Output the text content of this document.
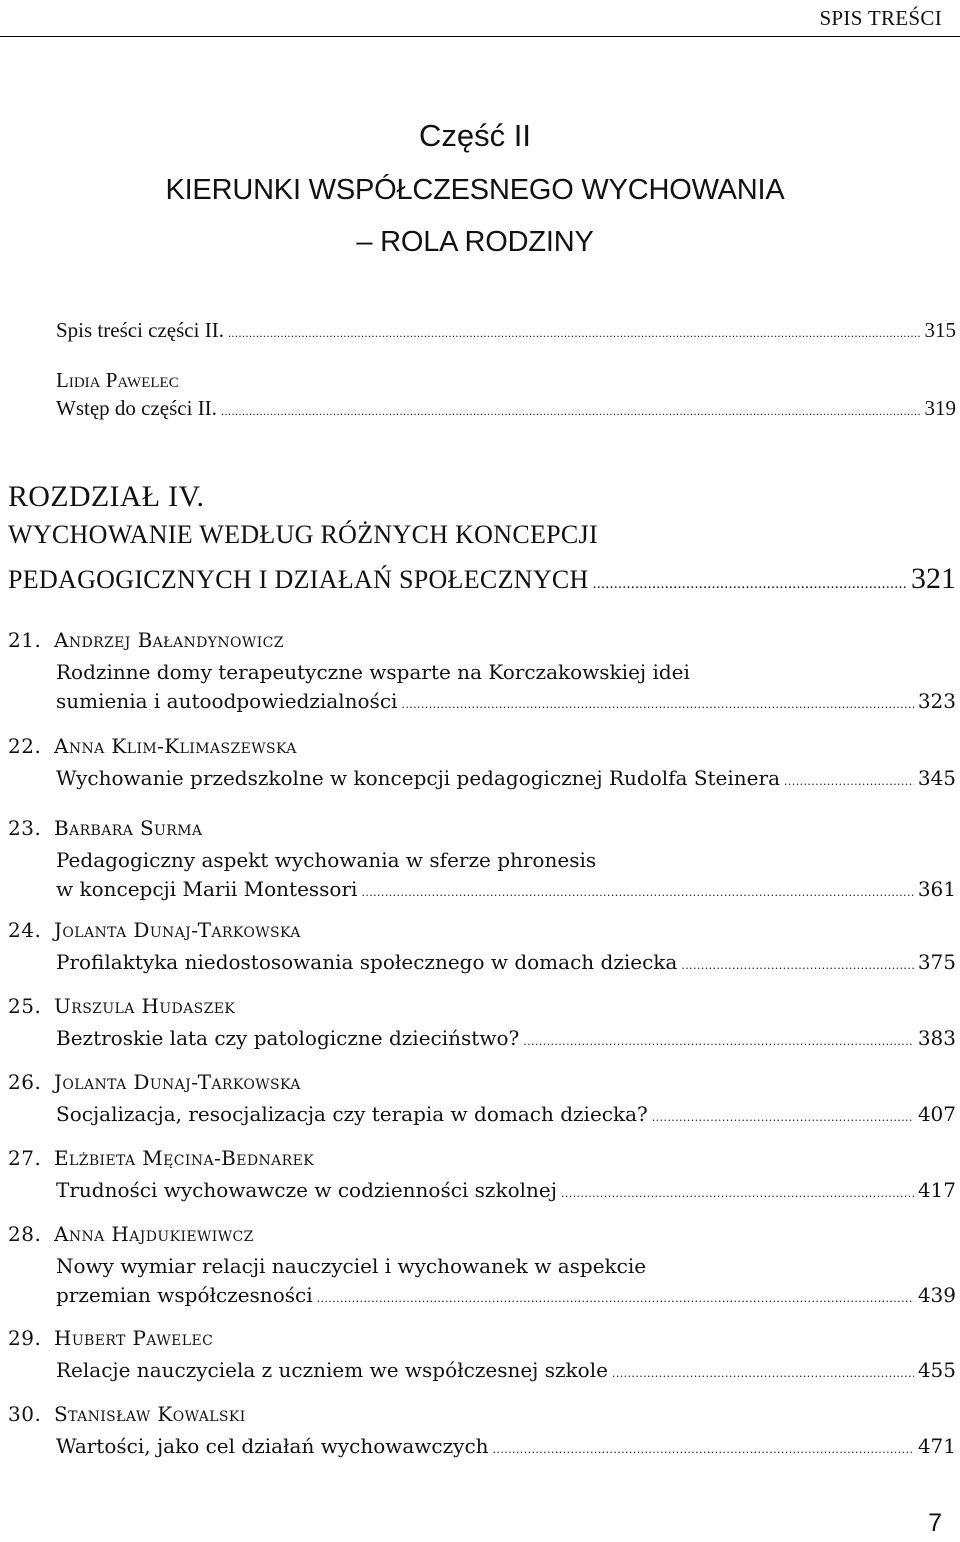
SPIS TREŚCI
Część II
KIERUNKI WSPÓŁCZESNEGO WYCHOWANIA
– ROLA RODZINY
Spis treści części II. .....	315
Lidia Pawelec
Wstęp do części II. .....	319
ROZDZIAŁ IV.
WYCHOWANIE WEDŁUG RÓŻNYCH KONCEPCJI
PEDAGOGICZNYCH I DZIAŁAŃ SPOŁECZNYCH .....	321
21. Andrzej Bałandynowicz
Rodzinne domy terapeutyczne wsparte na Korczakowskiej idei
sumienia i autoodpowiedzialności .....	323
22. Anna Klim-Klimaszewska
Wychowanie przedszkolne w koncepcji pedagogicznej Rudolfa Steinera .....	345
23. Barbara Surma
Pedagogiczny aspekt wychowania w sferze phronesis
w koncepcji Marii Montessori .....	361
24. Jolanta Dunaj-Tarkowska
Profilaktyka niedostosowania społecznego w domach dziecka .....	375
25. Urszula Hudaszek
Beztroskie lata czy patologiczne dzieciństwo? .....	383
26. Jolanta Dunaj-Tarkowska
Socjalizacja, resocjalizacja czy terapia w domach dziecka? .....	407
27. Elżbieta Męcina-Bednarek
Trudności wychowawcze w codzienności szkolnej .....	417
28. Anna Hajdukiewiwcz
Nowy wymiar relacji nauczyciel i wychowanek w aspekcie
przemian współczesności .....	439
29. Hubert Pawelec
Relacje nauczyciela z uczniem we współczesnej szkole .....	455
30. Stanisław Kowalski
Wartości, jako cel działań wychowawczych .....	471
7
